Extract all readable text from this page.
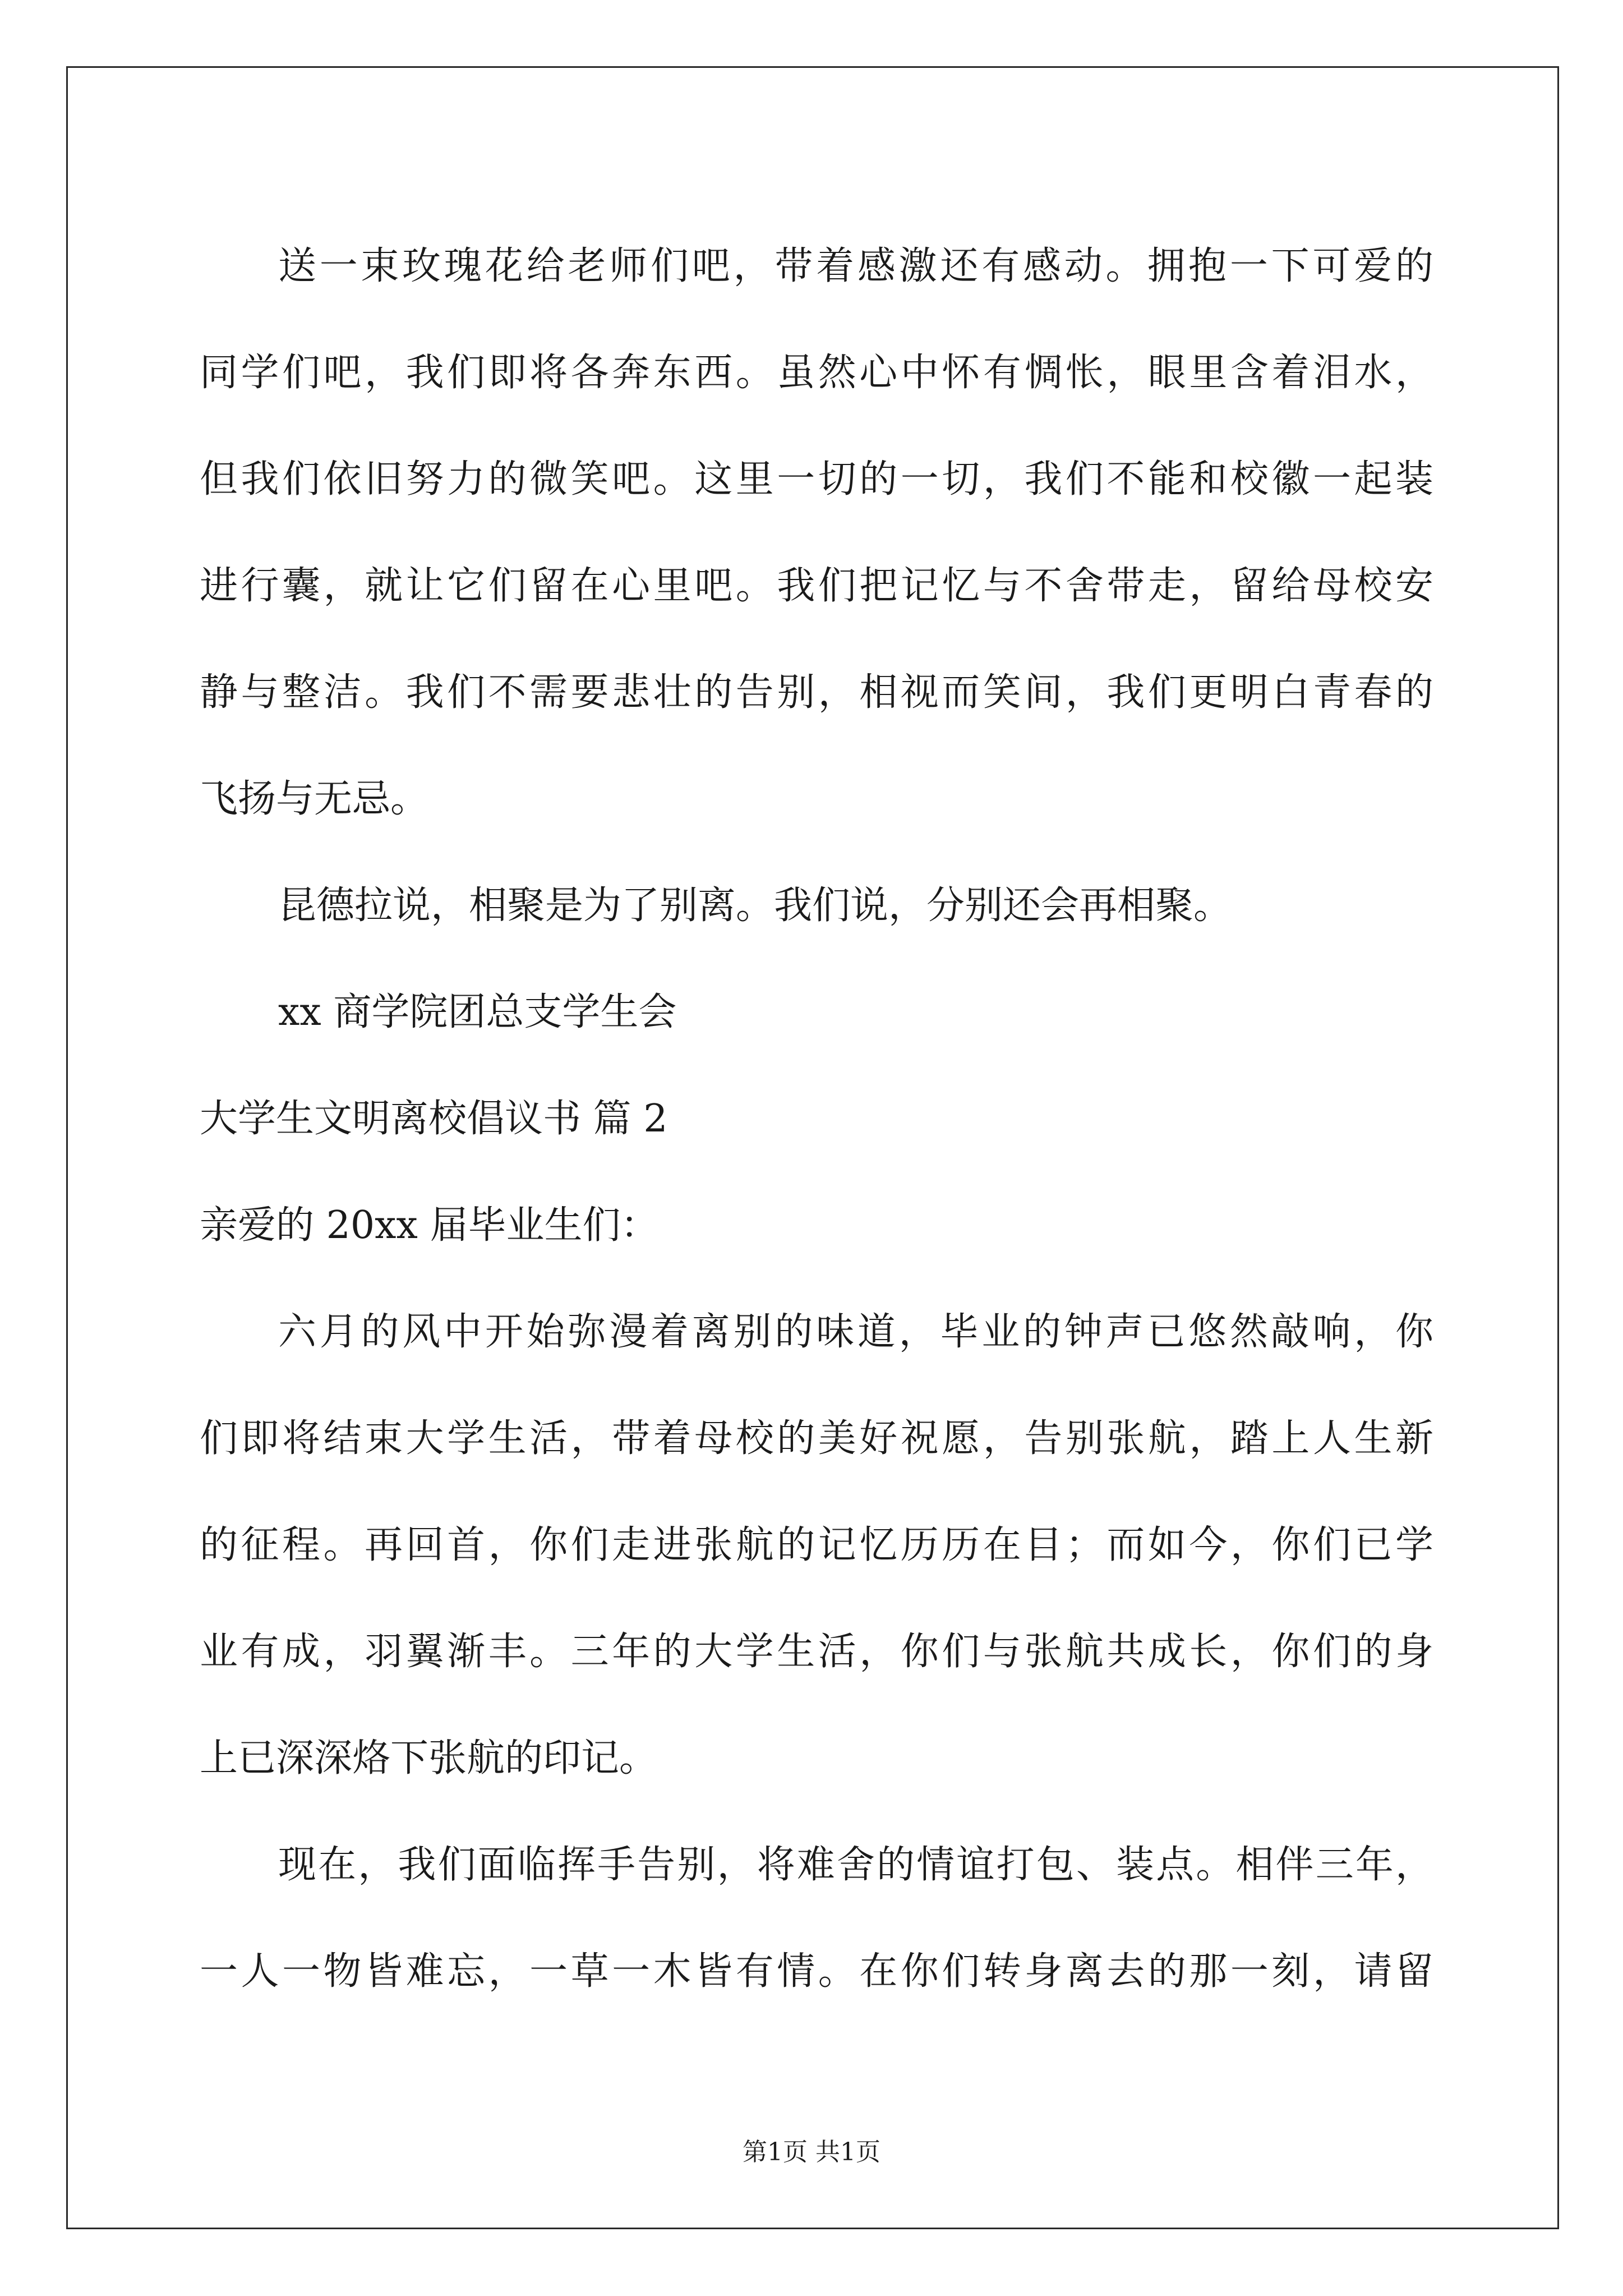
送一束玫瑰花给老师们吧，带着感激还有感动。拥抱一下可爱的
同学们吧，我们即将各奔东西。虽然心中怀有惆怅，眼里含着泪水，
但我们依旧努力的微笑吧。这里一切的一切，我们不能和校徽一起装
进行囊，就让它们留在心里吧。我们把记忆与不舍带走，留给母校安
静与整洁。我们不需要悲壮的告别，相视而笑间，我们更明白青春的
飞扬与无忌。
昆德拉说，相聚是为了别离。我们说，分别还会再相聚。
xx 商学院团总支学生会
大学生文明离校倡议书 篇 2
亲爱的 20xx 届毕业生们：
六月的风中开始弥漫着离别的味道，毕业的钟声已悠然敲响，你
们即将结束大学生活，带着母校的美好祝愿，告别张航，踏上人生新
的征程。再回首，你们走进张航的记忆历历在目；而如今，你们已学
业有成，羽翼渐丰。三年的大学生活，你们与张航共成长，你们的身
上已深深烙下张航的印记。
现在，我们面临挥手告别，将难舍的情谊打包、装点。相伴三年，
一人一物皆难忘，一草一木皆有情。在你们转身离去的那一刻，请留
第1页 共1页
